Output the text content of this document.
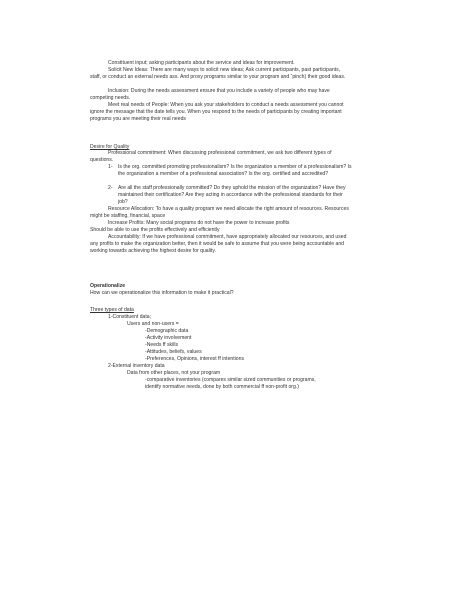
Constituent input; asking participants about the service and ideas for improvement.
Solicit New Ideas: There are many ways to solicit new ideas; Ask current participants, past participants, staff, or conduct an external needs ass. And proxy programs similar to your program and “pinch) their good ideas.
Inclusion: During the needs assessment ensure that you include a variety of people who may have competing needs.
Meet real needs of People: When you ask your stakeholders to conduct a needs assessment you cannot ignore the message that the date tells you. When you respond to the needs of participants by creating important programs you are meeting their real needs
Desire for Quality
Professional commitment: When discussing professional commitment, we ask two different types of questions.
1- Is the org. committed promoting professionalism? Is the organization a member of a professionalism? Is the organization a member of a professional association? Is the org. certified and accredited?
2- Are all the staff professionally committed? Do they uphold the mission of the organization? Have they maintained their certification? Are they acting in accordance with the professional standards for their job?
Resource Allocation: To have a quality program we need allocate the right amount of resources. Resources might be staffing, financial, space
Increase Profits: Many social programs do not have the power to increase profits
Should be able to use the profits effectively and efficiently
Accountability: If we have professional commitment, have appropriately allocated our resources, and used any profits to make the organization better, then it would be safe to assume that you were being accountable and working towards achieving the highest desire for quality.
Operationalize
How can we operationalize this information to make it practical?
Three types of data
1-Constituent data;
Users and non-users =
-Demographic data
-Activity involvement
-Needs ff skills
-Attitudes, beliefs, values
-Preferences, Opinions, interest ff intentions
2-External inventory data
Data from other places, not your program
-comparative inventories (compares similar sized communities or programs, identify normative needs, done by both commercial ff non-profit org.)
